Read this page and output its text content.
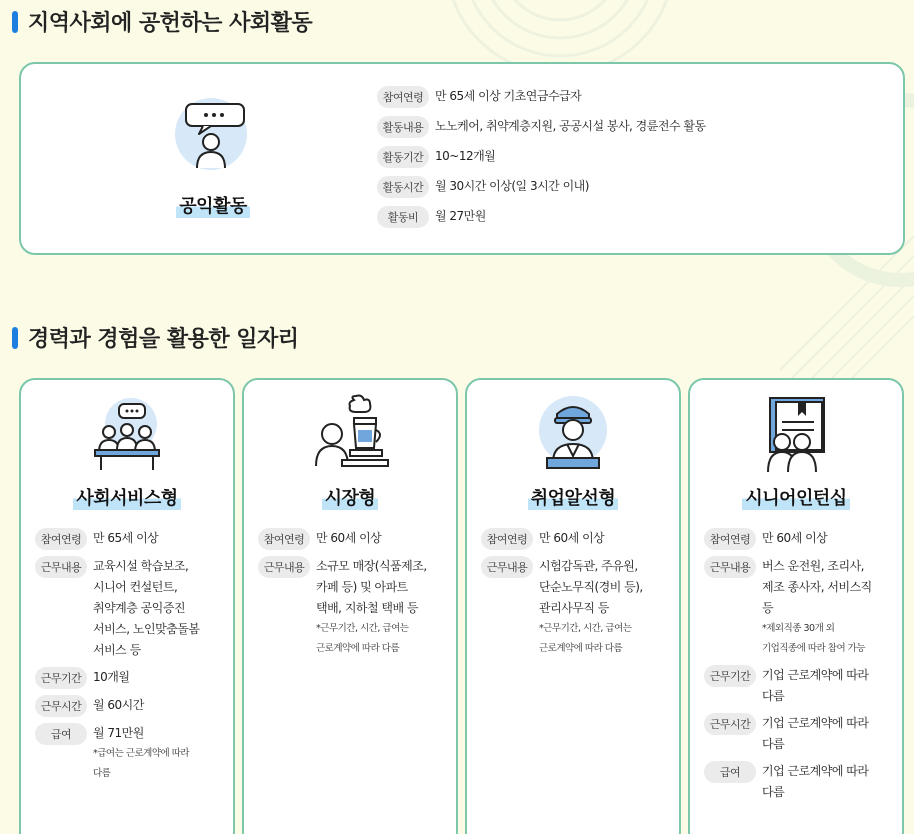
지역사회에 공헌하는 사회활동
공익활동
참여연령 만 65세 이상 기초연금수급자
활동내용 노노케어, 취약계층지원, 공공시설 봉사, 경륜전수 활동
활동기간 10~12개월
활동시간 월 30시간 이상(일 3시간 이내)
활동비	월 27만원
경력과 경험을 활용한 일자리
사회서비스형
참여연령 만 65세 이상
근무내용 교육시설 학습보조,
시니어 컨설턴트,
취약계층 공익증진
서비스, 노인맞춤돌봄
서비스 등
근무기간 10개월
근무시간 월 60시간
급여	월 71만원
*급여는 근로계약에 따라
다름
시장형
참여연령 만 60세 이상
근무내용 소규모 매장(식품제조,
카페 등) 및 아파트
택배, 지하철 택배 등
*근무기간, 시간, 급여는
근로계약에 따라 다름
취업알선형
참여연령 만 60세 이상
근무내용 시험감독관, 주유원,
단순노무직(경비 등),
관리사무직 등
*근무기간, 시간, 급여는
근로계약에 따라 다름
시니어인턴십
참여연령 만 60세 이상
근무내용 버스 운전원, 조리사,
제조 종사자, 서비스직
등
*제외직종 30개 외
기업직종에 따라 참여 가능
근무기간 기업 근로계약에 따라
다름
근무시간 기업 근로계약에 따라
다름
급여	기업 근로계약에 따라
다름
